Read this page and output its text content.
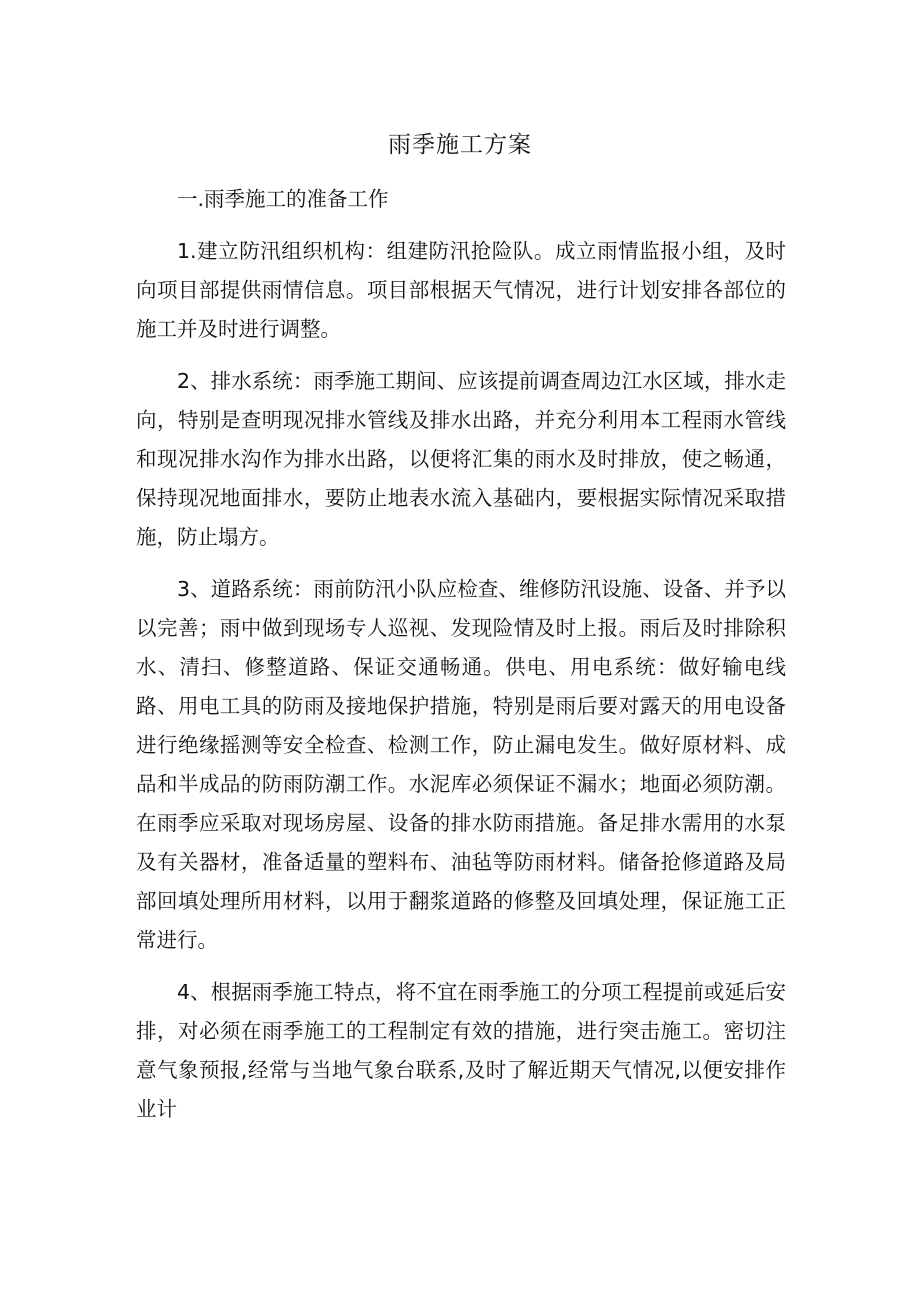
雨季施工方案

一.雨季施工的准备工作

1.建立防汛组织机构：组建防汛抢险队。成立雨情监报小组，及时向项目部提供雨情信息。项目部根据天气情况，进行计划安排各部位的施工并及时进行调整。

2、排水系统：雨季施工期间、应该提前调查周边江水区域，排水走向，特别是查明现况排水管线及排水出路，并充分利用本工程雨水管线和现况排水沟作为排水出路，以便将汇集的雨水及时排放，使之畅通，保持现况地面排水，要防止地表水流入基础内，要根据实际情况采取措施，防止塌方。

3、道路系统：雨前防汛小队应检查、维修防汛设施、设备、并予以以完善；雨中做到现场专人巡视、发现险情及时上报。雨后及时排除积水、清扫、修整道路、保证交通畅通。供电、用电系统：做好输电线路、用电工具的防雨及接地保护措施，特别是雨后要对露天的用电设备进行绝缘摇测等安全检查、检测工作，防止漏电发生。做好原材料、成品和半成品的防雨防潮工作。水泥库必须保证不漏水；地面必须防潮。在雨季应采取对现场房屋、设备的排水防雨措施。备足排水需用的水泵及有关器材，准备适量的塑料布、油毡等防雨材料。储备抢修道路及局部回填处理所用材料，以用于翻浆道路的修整及回填处理，保证施工正常进行。

4、根据雨季施工特点，将不宜在雨季施工的分项工程提前或延后安排，对必须在雨季施工的工程制定有效的措施，进行突击施工。密切注意气象预报,经常与当地气象台联系,及时了解近期天气情况,以便安排作业计
